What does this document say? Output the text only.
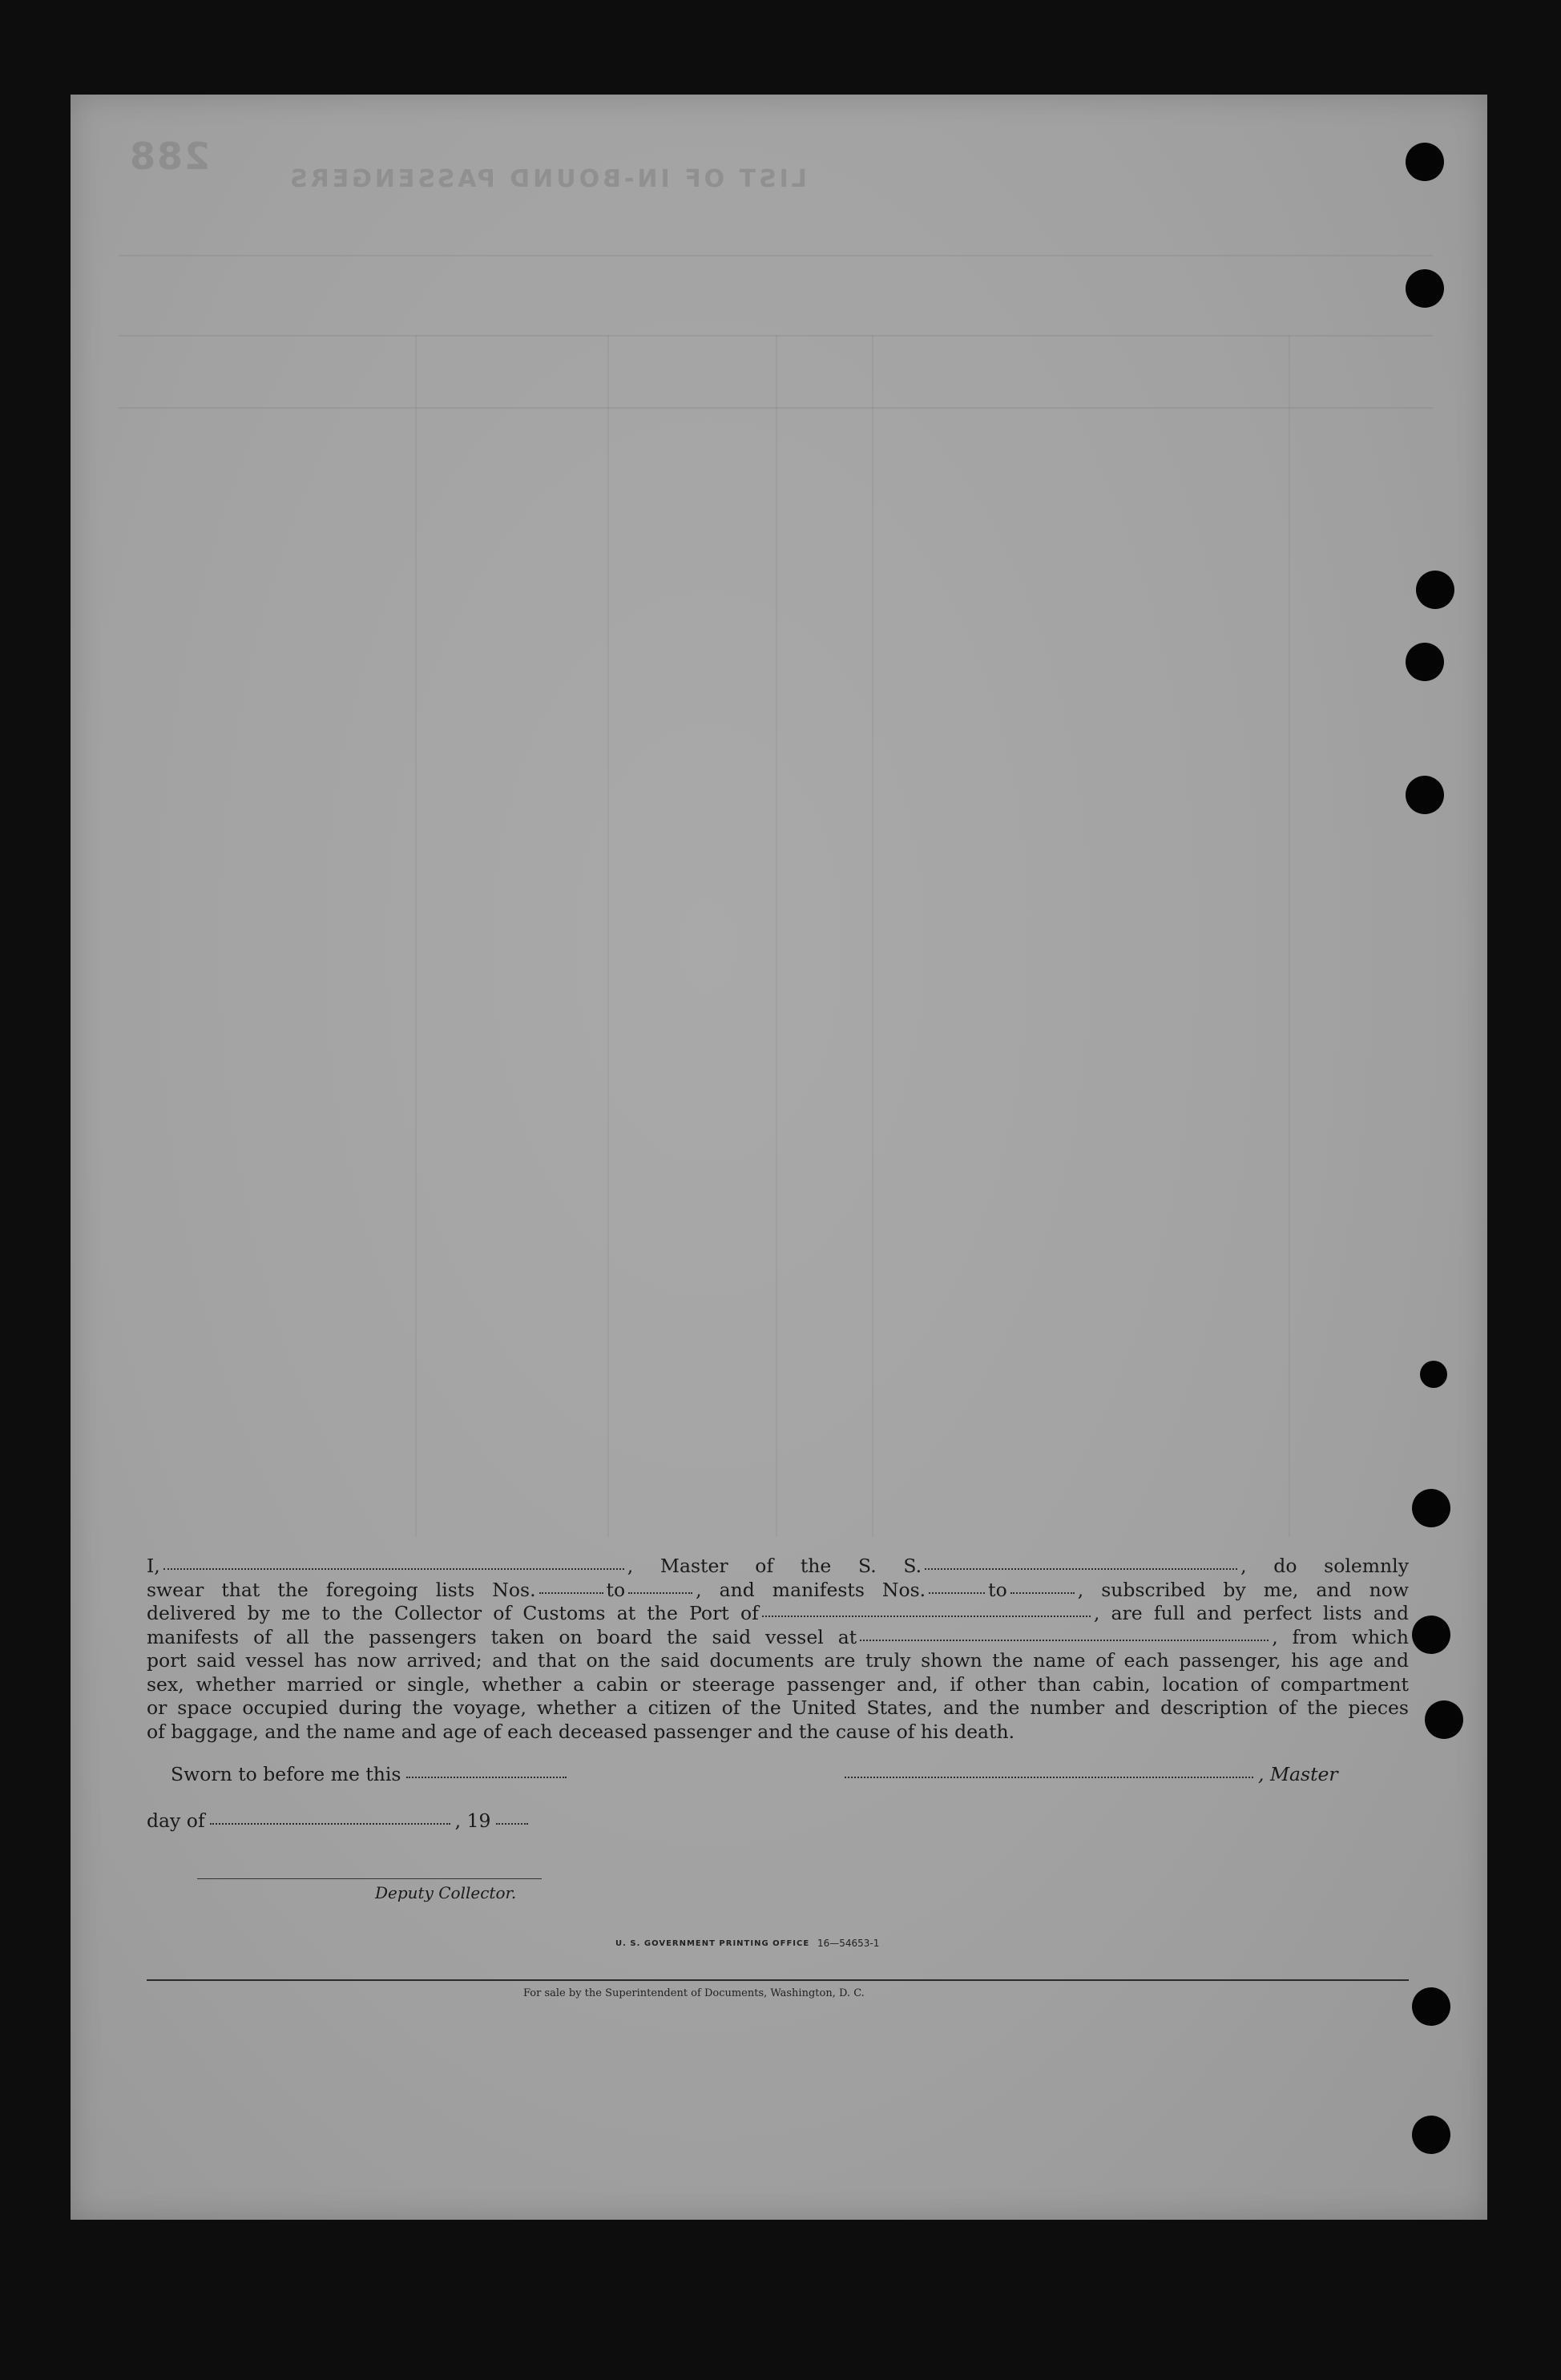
288
LIST OF IN-BOUND PASSENGERS
I,	, Master of the S. S.	, do solemnly
swear that the foregoing lists Nos.	to	, and manifests Nos.	to	, subscribed by me, and now
delivered by me to the Collector of Customs at the Port of	, are full and perfect lists and
manifests of all the passengers taken on board the said vessel at	, from which
port said vessel has now arrived; and that on the said documents are truly shown the name of each passenger, his age and
sex, whether married or single, whether a cabin or steerage passenger and, if other than cabin, location of compartment
or space occupied during the voyage, whether a citizen of the United States, and the number and description of the pieces
of baggage, and the name and age of each deceased passenger and the cause of his death.
Sworn to before me this	, Master
day of	, 19
Deputy Collector.
U. S. GOVERNMENT PRINTING OFFICE 16—54653-1
For sale by the Superintendent of Documents, Washington, D. C.
